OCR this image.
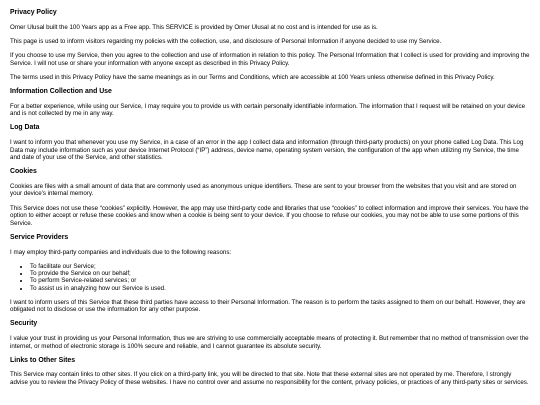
Privacy Policy

Omer Ulusal built the 100 Years app as a Free app. This SERVICE is provided by Omer Ulusal at no cost and is intended for use as is.

This page is used to inform visitors regarding my policies with the collection, use, and disclosure of Personal Information if anyone decided to use my Service.

If you choose to use my Service, then you agree to the collection and use of information in relation to this policy. The Personal Information that I collect is used for providing and improving the Service. I will not use or share your information with anyone except as described in this Privacy Policy.

The terms used in this Privacy Policy have the same meanings as in our Terms and Conditions, which are accessible at 100 Years unless otherwise defined in this Privacy Policy.

Information Collection and Use

For a better experience, while using our Service, I may require you to provide us with certain personally identifiable information. The information that I request will be retained on your device and is not collected by me in any way.

Log Data

I want to inform you that whenever you use my Service, in a case of an error in the app I collect data and information (through third-party products) on your phone called Log Data. This Log Data may include information such as your device Internet Protocol (“IP”) address, device name, operating system version, the configuration of the app when utilizing my Service, the time and date of your use of the Service, and other statistics.

Cookies

Cookies are files with a small amount of data that are commonly used as anonymous unique identifiers. These are sent to your browser from the websites that you visit and are stored on your device's internal memory.

This Service does not use these “cookies” explicitly. However, the app may use third-party code and libraries that use “cookies” to collect information and improve their services. You have the option to either accept or refuse these cookies and know when a cookie is being sent to your device. If you choose to refuse our cookies, you may not be able to use some portions of this Service.

Service Providers

I may employ third-party companies and individuals due to the following reasons:

• To facilitate our Service;
• To provide the Service on our behalf;
• To perform Service-related services; or
• To assist us in analyzing how our Service is used.

I want to inform users of this Service that these third parties have access to their Personal Information. The reason is to perform the tasks assigned to them on our behalf. However, they are obligated not to disclose or use the information for any other purpose.

Security

I value your trust in providing us your Personal Information, thus we are striving to use commercially acceptable means of protecting it. But remember that no method of transmission over the internet, or method of electronic storage is 100% secure and reliable, and I cannot guarantee its absolute security.

Links to Other Sites

This Service may contain links to other sites. If you click on a third-party link, you will be directed to that site. Note that these external sites are not operated by me. Therefore, I strongly advise you to review the Privacy Policy of these websites. I have no control over and assume no responsibility for the content, privacy policies, or practices of any third-party sites or services.
